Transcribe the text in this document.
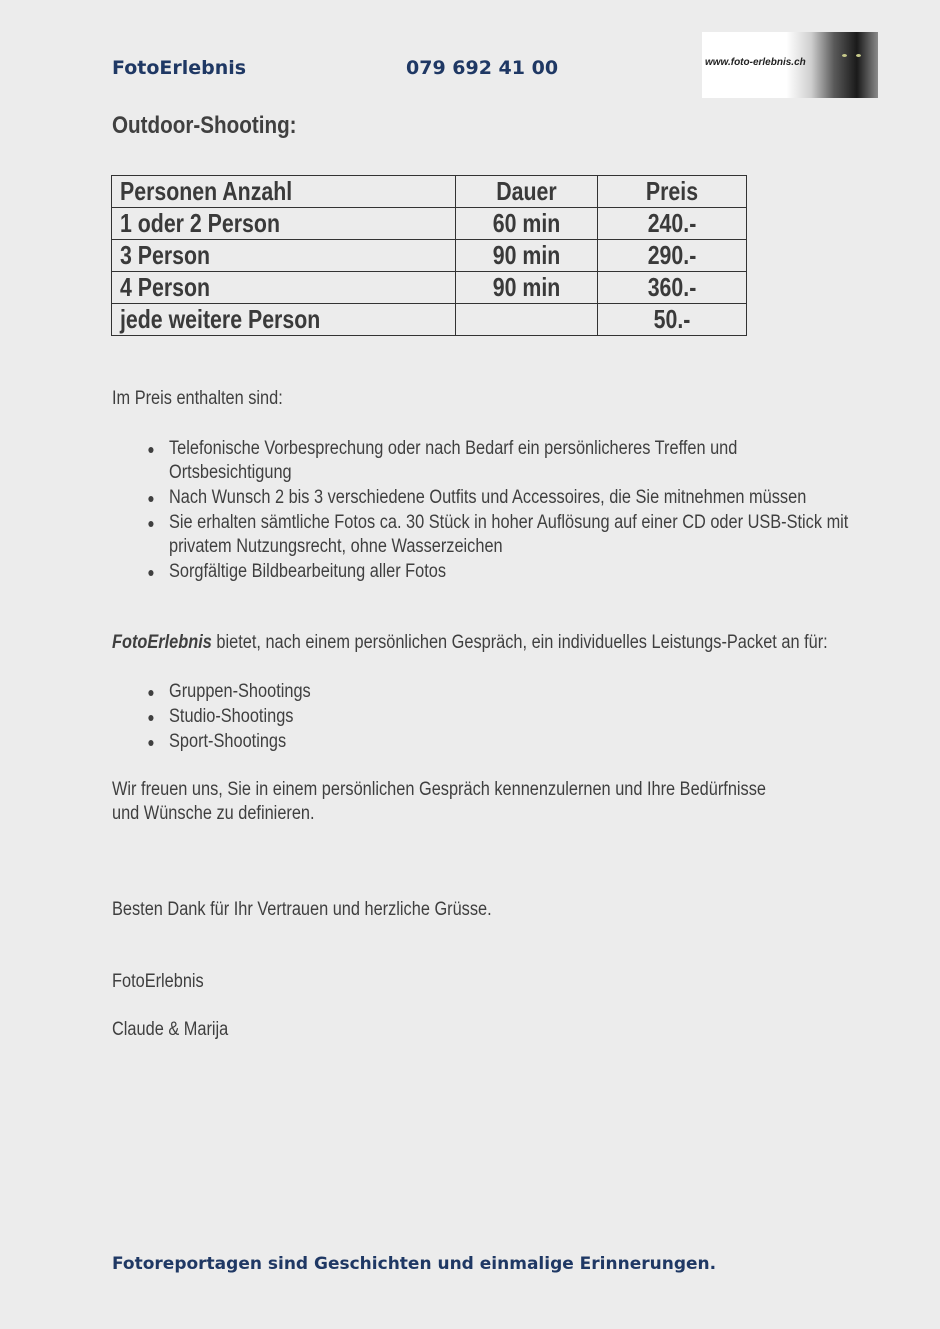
FotoErlebnis	079 692 41 00	www.foto-erlebnis.ch
Outdoor-Shooting:
Personen Anzahl	Dauer	Preis

1 oder 2 Person	60 min	240.-

3 Person	90 min	290.-

4 Person	90 min	360.-

jede weitere Person		50.-
Im Preis enthalten sind:
Telefonische Vorbesprechung oder nach Bedarf ein persönlicheres Treffen und
Ortsbesichtigung
Nach Wunsch 2 bis 3 verschiedene Outfits und Accessoires, die Sie mitnehmen müssen
Sie erhalten sämtliche Fotos ca. 30 Stück in hoher Auflösung auf einer CD oder USB-Stick mit
privatem Nutzungsrecht, ohne Wasserzeichen
Sorgfältige Bildbearbeitung aller Fotos
FotoErlebnis bietet, nach einem persönlichen Gespräch, ein individuelles Leistungs-Packet an für:
Gruppen-Shootings
Studio-Shootings
Sport-Shootings
Wir freuen uns, Sie in einem persönlichen Gespräch kennenzulernen und Ihre Bedürfnisse
und Wünsche zu definieren.
Besten Dank für Ihr Vertrauen und herzliche Grüsse.
FotoErlebnis
Claude & Marija
Fotoreportagen sind Geschichten und einmalige Erinnerungen.
